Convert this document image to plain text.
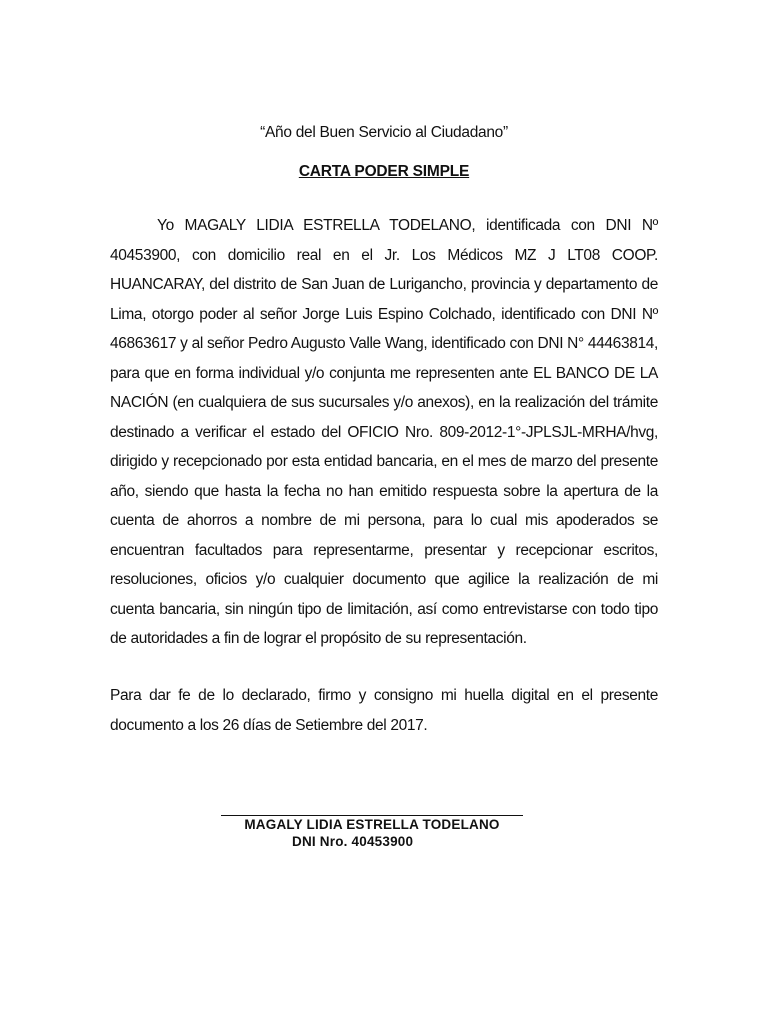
“Año del Buen Servicio al Ciudadano”
CARTA PODER SIMPLE
Yo MAGALY LIDIA ESTRELLA TODELANO, identificada con DNI Nº
40453900, con domicilio real en el Jr. Los Médicos MZ J LT08 COOP.
HUANCARAY, del distrito de San Juan de Lurigancho, provincia y departamento de
Lima, otorgo poder al señor Jorge Luis Espino Colchado, identificado con DNI Nº
46863617 y al señor Pedro Augusto Valle Wang, identificado con DNI N° 44463814,
para que en forma individual y/o conjunta me representen ante EL BANCO DE LA
NACIÓN (en cualquiera de sus sucursales y/o anexos), en la realización del trámite
destinado a verificar el estado del OFICIO Nro. 809-2012-1°-JPLSJL-MRHA/hvg,
dirigido y recepcionado por esta entidad bancaria, en el mes de marzo del presente
año, siendo que hasta la fecha no han emitido respuesta sobre la apertura de la
cuenta de ahorros a nombre de mi persona, para lo cual mis apoderados se
encuentran facultados para representarme, presentar y recepcionar escritos,
resoluciones, oficios y/o cualquier documento que agilice la realización de mi
cuenta bancaria, sin ningún tipo de limitación, así como entrevistarse con todo tipo
de autoridades a fin de lograr el propósito de su representación.
Para dar fe de lo declarado, firmo y consigno mi huella digital en el presente
documento a los 26 días de Setiembre del 2017.
MAGALY LIDIA ESTRELLA TODELANO
DNI Nro. 40453900
